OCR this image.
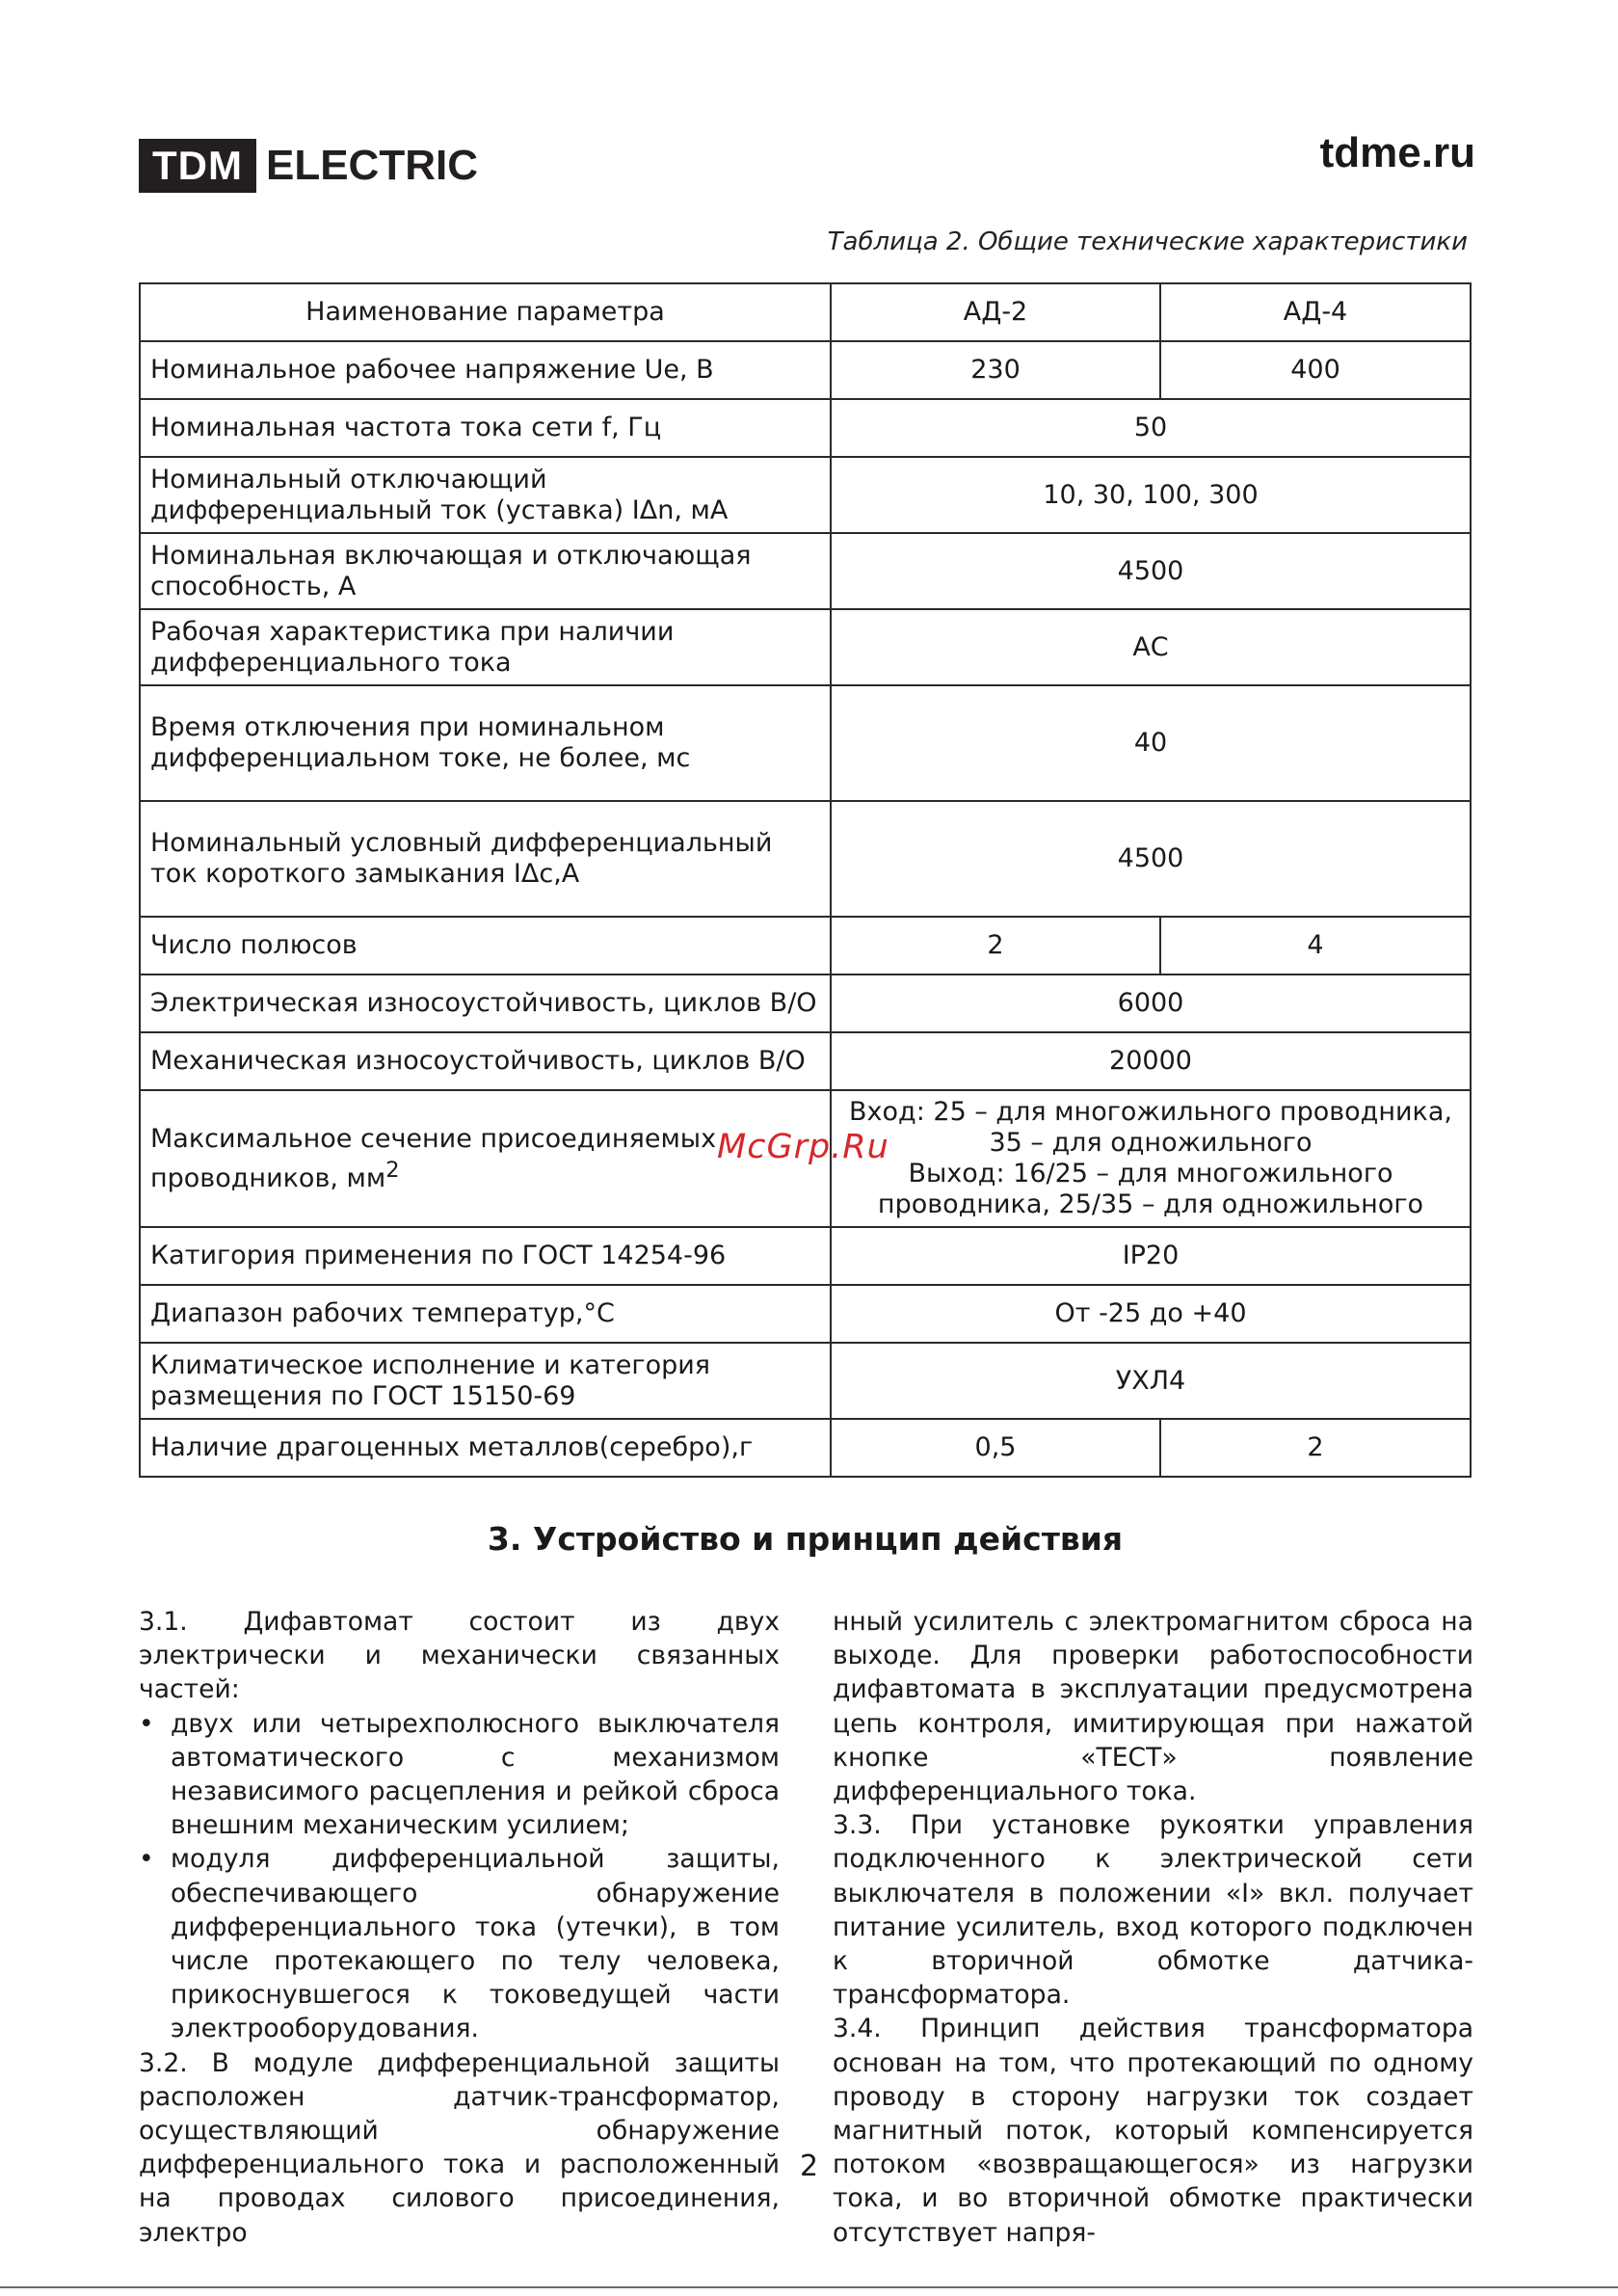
TDM ELECTRIC	tdme.ru
Таблица 2. Общие технические характеристики
Наименование параметра	АД-2	АД-4
Номинальное рабочее напряжение Ue, В	230	400
Номинальная частота тока сети f, Гц	50	
Номинальный отключающий дифференциальный ток (уставка) IΔn, мА	10, 30, 100, 300	
Номинальная включающая и отключающая способность, А	4500	
Рабочая характеристика при наличии дифференциального тока	АС	
Время отключения при номинальном дифференциальном токе, не более, мс	40	
Номинальный условный дифференциальный ток короткого замыкания IΔc,А	4500	
Число полюсов	2	4
Электрическая износоустойчивость, циклов В/О	6000	
Механическая износоустойчивость, циклов В/О	20000	
Максимальное сечение присоединяемых проводников, $мм^2$	Вход: 25 – для многожильного проводника,
35 – для одножильного
Выход: 16/25 – для многожильного
проводника, 25/35 – для одножильного	

Катигория применения по ГОСТ 14254-96	IP20	
Диапазон рабочих температур,°С	От -25 до +40	
Климатическое исполнение и категория размещения по ГОСТ 15150-69	УХЛ4	
Наличие драгоценных металлов(серебро),г	0,5	2
McGrp.Ru
3. Устройство и принцип действия

3.1. Дифавтомат состоит из двух электрически и механически связанных частей:

• двух или четырехполюсного выключателя автоматического с механизмом независимого расцепления и рейкой сброса внешним механическим усилием;
• модуля дифференциальной защиты, обеспечивающего обнаружение дифференциального тока (утечки), в том числе протекающего по телу человека, прикоснувшегося к токоведущей части электрооборудования.

3.2. В модуле дифференциальной защиты расположен датчик-трансформатор, осуществляющий обнаружение дифференциального тока и расположенный на проводах силового присоединения, электро

нный усилитель с электромагнитом сброса на выходе. Для проверки работоспособности дифавтомата в эксплуатации предусмотрена цепь контроля, имитирующая при нажатой кнопке «ТЕСТ» появление дифференциального тока.

3.3. При установке рукоятки управления подключенного к электрической сети выключателя в положении «I» вкл. получает питание усилитель, вход которого подключен к вторичной обмотке датчика-трансформатора.

3.4. Принцип действия трансформатора основан на том, что протекающий по одному проводу в сторону нагрузки ток создает магнитный поток, который компенсируется потоком «возвращающегося» из нагрузки тока, и во вторичной обмотке практически отсутствует напря-

2
